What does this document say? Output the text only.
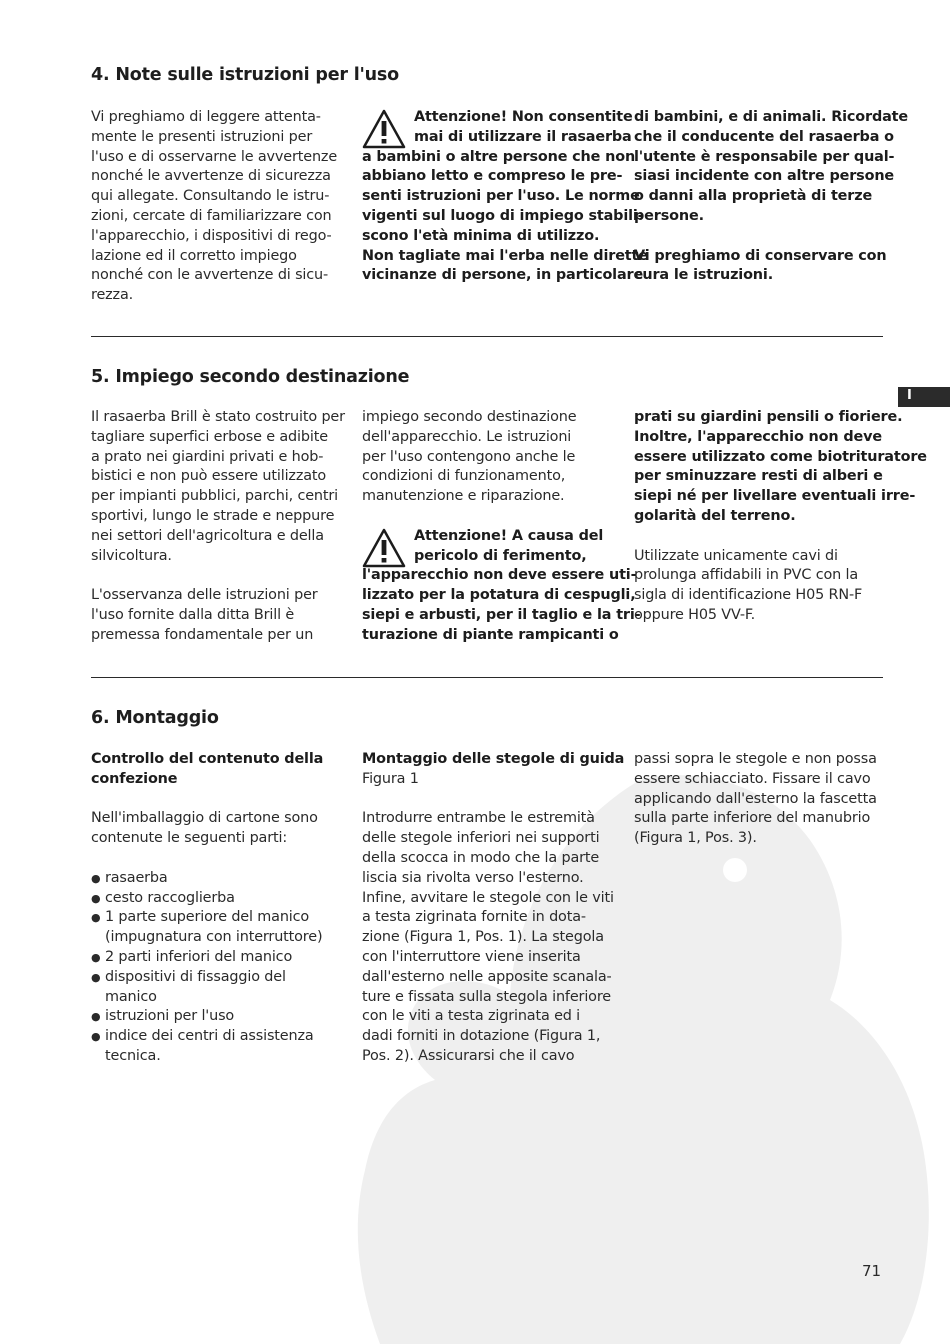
I
4. Note sulle istruzioni per l'uso

Vi preghiamo di leggere attenta-
mente le presenti istruzioni per
l'uso e di osservarne le avvertenze
nonché le avvertenze di sicurezza
qui allegate. Consultando le istru-
zioni, cercate di familiarizzare con
l'apparecchio, i dispositivi di rego-
lazione ed il corretto impiego
nonché con le avvertenze di sicu-
rezza.

Attenzione! Non consentite
mai di utilizzare il rasaerba
a bambini o altre persone che non
abbiano letto e compreso le pre-
senti istruzioni per l'uso. Le norme
vigenti sul luogo di impiego stabili-
scono l'età minima di utilizzo.

Non tagliate mai l'erba nelle dirette
vicinanze di persone, in particolare

di bambini, e di animali. Ricordate
che il conducente del rasaerba o
l'utente è responsabile per qual-
siasi incidente con altre persone
o danni alla proprietà di terze
persone.

Vi preghiamo di conservare con
cura le istruzioni.

5. Impiego secondo destinazione

Il rasaerba Brill è stato costruito per
tagliare superfici erbose e adibite
a prato nei giardini privati e hob-
bistici e non può essere utilizzato
per impianti pubblici, parchi, centri
sportivi, lungo le strade e neppure
nei settori dell'agricoltura e della
silvicoltura.

L'osservanza delle istruzioni per
l'uso fornite dalla ditta Brill è
premessa fondamentale per un

impiego secondo destinazione
dell'apparecchio. Le istruzioni
per l'uso contengono anche le
condizioni di funzionamento,
manutenzione e riparazione.

Attenzione! A causa del
pericolo di ferimento,
l'apparecchio non deve essere uti-
lizzato per la potatura di cespugli,
siepi e arbusti, per il taglio e la tri-
turazione di piante rampicanti o

prati su giardini pensili o fioriere.
Inoltre, l'apparecchio non deve
essere utilizzato come biotrituratore
per sminuzzare resti di alberi e
siepi né per livellare eventuali irre-
golarità del terreno.

Utilizzate unicamente cavi di
prolunga affidabili in PVC con la
sigla di identificazione H05 RN-F
oppure H05 VV-F.

6. Montaggio

Controllo del contenuto della
confezione

Nell'imballaggio di cartone sono
contenute le seguenti parti:

● rasaerba
● cesto raccoglierba
● 1 parte superiore del manico
(impugnatura con interruttore)
● 2 parti inferiori del manico
● dispositivi di fissaggio del
manico
● istruzioni per l'uso
● indice dei centri di assistenza
tecnica.

Montaggio delle stegole di guida
Figura 1

Introdurre entrambe le estremità
delle stegole inferiori nei supporti
della scocca in modo che la parte
liscia sia rivolta verso l'esterno.
Infine, avvitare le stegole con le viti
a testa zigrinata fornite in dota-
zione (Figura 1, Pos. 1). La stegola
con l'interruttore viene inserita
dall'esterno nelle apposite scanala-
ture e fissata sulla stegola inferiore
con le viti a testa zigrinata ed i
dadi forniti in dotazione (Figura 1,
Pos. 2). Assicurarsi che il cavo

passi sopra le stegole e non possa
essere schiacciato. Fissare il cavo
applicando dall'esterno la fascetta
sulla parte inferiore del manubrio
(Figura 1, Pos. 3).

71
